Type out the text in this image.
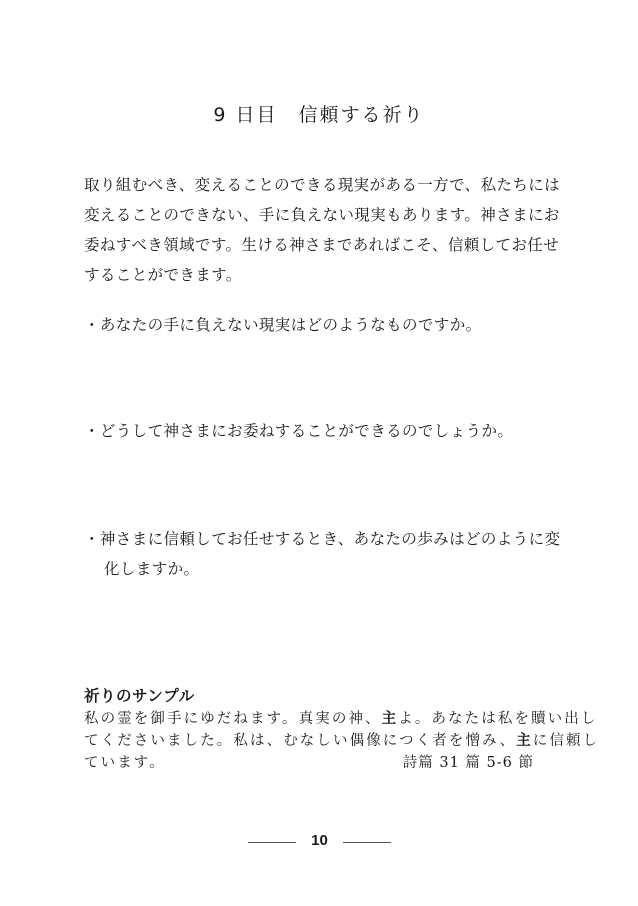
9 日目　信頼する祈り
取り組むべき、変えることのできる現実がある一方で、私たちには
変えることのできない、手に負えない現実もあります。神さまにお
委ねすべき領域です。生ける神さまであればこそ、信頼してお任せ
することができます。
・あなたの手に負えない現実はどのようなものですか。
・どうして神さまにお委ねすることができるのでしょうか。
・神さまに信頼してお任せするとき、あなたの歩みはどのように変
化しますか。
祈りのサンプル
私の霊を御手にゆだねます。真実の神、主よ。あなたは私を贖い出し
てくださいました。私は、むなしい偶像につく者を憎み、主に信頼し
ています。	詩篇 31 篇 5-6 節
10
